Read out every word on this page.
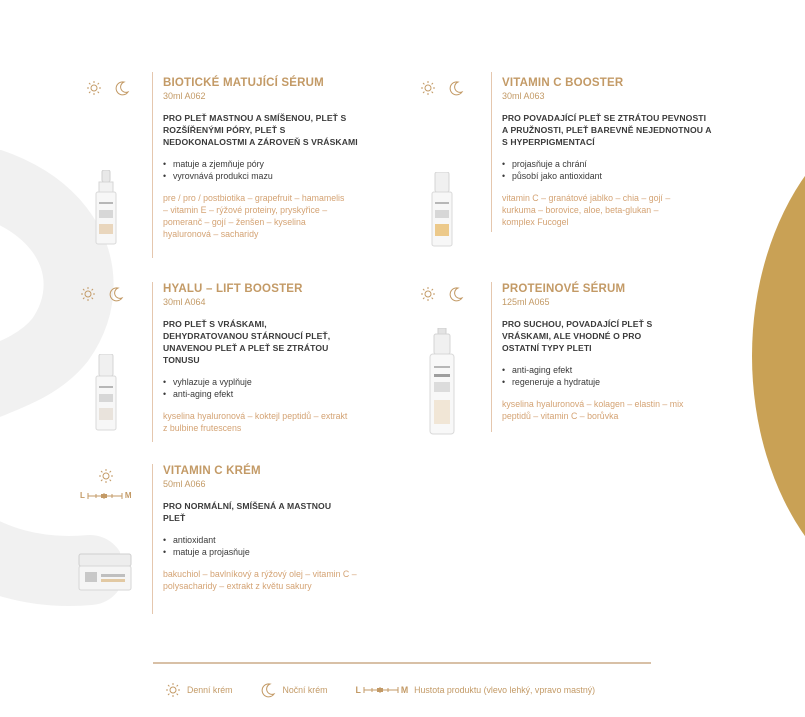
BIOTICKÉ MATUJÍCÍ SÉRUM
30ml A062
PRO PLEŤ MASTNOU A SMÍŠENOU, PLEŤ S ROZŠÍŘENÝMI PÓRY, PLEŤ S NEDOKONALOSTMI A ZÁROVEŇ S VRÁSKAMI
• matuje a zjemňuje póry
• vyrovnává produkci mazu
pre / pro / postbiotika – grapefruit – hamamelis – vitamin E – rýžové proteiny, pryskyřice – pomeranč – gojí – ženšen – kyselina hyaluronová – sacharidy
VITAMIN C BOOSTER
30ml A063
PRO POVADAJÍCÍ PLEŤ SE ZTRÁTOU PEVNOSTI A PRUŽNOSTI, PLEŤ BAREVNĚ NEJEDNOTNOU A S HYPERPIGMENTACÍ
• projasňuje a chrání
• působí jako antioxidant
vitamin C – granátové jablko – chia – gojí – kurkuma – borovice, aloe, beta-glukan – komplex Fucogel
HYALU – LIFT BOOSTER
30ml A064
PRO PLEŤ S VRÁSKAMI, DEHYDRATOVANOU STÁRNOUCÍ PLEŤ, UNAVENOU PLEŤ A PLEŤ SE ZTRÁTOU TONUSU
• vyhlazuje a vyplňuje
• anti-aging efekt
kyselina hyaluronová – koktejl peptidů – extrakt z bulbine frutescens
PROTEINOVÉ SÉRUM
125ml A065
PRO SUCHOU, POVADAJÍCÍ PLEŤ S VRÁSKAMI, ALE VHODNÉ O PRO OSTATNÍ TYPY PLETI
• anti-aging efekt
• regeneruje a hydratuje
kyselina hyaluronová – kolagen – elastin – mix peptidů – vitamin C – borůvka
L	M
VITAMIN C KRÉM
50ml A066
PRO NORMÁLNÍ, SMÍŠENÁ A MASTNOU PLEŤ
• antioxidant
• matuje a projasňuje
bakuchiol – bavlníkový a rýžový olej – vitamin C – polysacharidy – extrakt z květu sakury
Denní krém	Noční krém	L	M Hustota produktu (vlevo lehký, vpravo mastný)
